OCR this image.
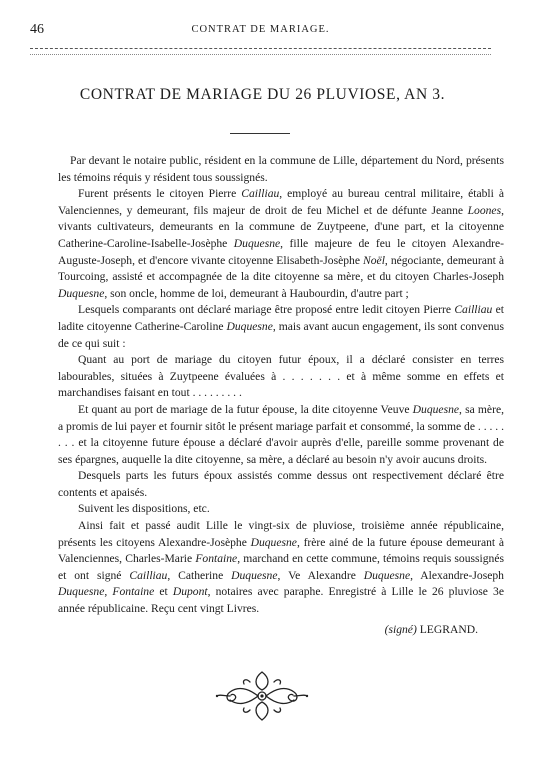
46	CONTRAT DE MARIAGE.
CONTRAT DE MARIAGE DU 26 PLUVIOSE, AN 3.

Par devant le notaire public, résident en la commune de Lille, département du Nord, présents les témoins réquis y résident tous soussignés.

Furent présents le citoyen Pierre Cailliau, employé au bureau central militaire, établi à Valenciennes, y demeurant, fils majeur de droit de feu Michel et de défunte Jeanne Loones, vivants cultivateurs, demeurants en la commune de Zuytpeene, d'une part, et la citoyenne Catherine-Caroline-Isabelle-Josèphe Duquesne, fille majeure de feu le citoyen Alexandre-Auguste-Joseph, et d'encore vivante citoyenne Elisabeth-Josèphe Noël, négociante, demeurant à Tourcoing, assisté et accompagnée de la dite citoyenne sa mère, et du citoyen Charles-Joseph Duquesne, son oncle, homme de loi, demeurant à Haubourdin, d'autre part ;

Lesquels comparants ont déclaré mariage être proposé entre ledit citoyen Pierre Cailliau et ladite citoyenne Catherine-Caroline Duquesne, mais avant aucun engagement, ils sont convenus de ce qui suit :

Quant au port de mariage du citoyen futur époux, il a déclaré consister en terres labourables, situées à Zuytpeene évaluées à . . . . . . . et à même somme en effets et marchandises faisant en tout . . . . . . . . .

Et quant au port de mariage de la futur épouse, la dite citoyenne Veuve Duquesne, sa mère, a promis de lui payer et fournir sitôt le présent mariage parfait et consommé, la somme de . . . . . . . . et la citoyenne future épouse a déclaré d'avoir auprès d'elle, pareille somme provenant de ses épargnes, auquelle la dite citoyenne, sa mère, a déclaré au besoin n'y avoir aucuns droits.

Desquels parts les futurs époux assistés comme dessus ont respectivement déclaré être contents et apaisés.

Suivent les dispositions, etc.

Ainsi fait et passé audit Lille le vingt-six de pluviose, troisième année républicaine, présents les citoyens Alexandre-Josèphe Duquesne, frère ainé de la future épouse demeurant à Valenciennes, Charles-Marie Fontaine, marchand en cette commune, témoins requis soussignés et ont signé Cailliau, Catherine Duquesne, Ve Alexandre Duquesne, Alexandre-Joseph Duquesne, Fontaine et Dupont, notaires avec paraphe. Enregistré à Lille le 26 pluviose 3e année républicaine. Reçu cent vingt Livres.

(signé) LEGRAND.
